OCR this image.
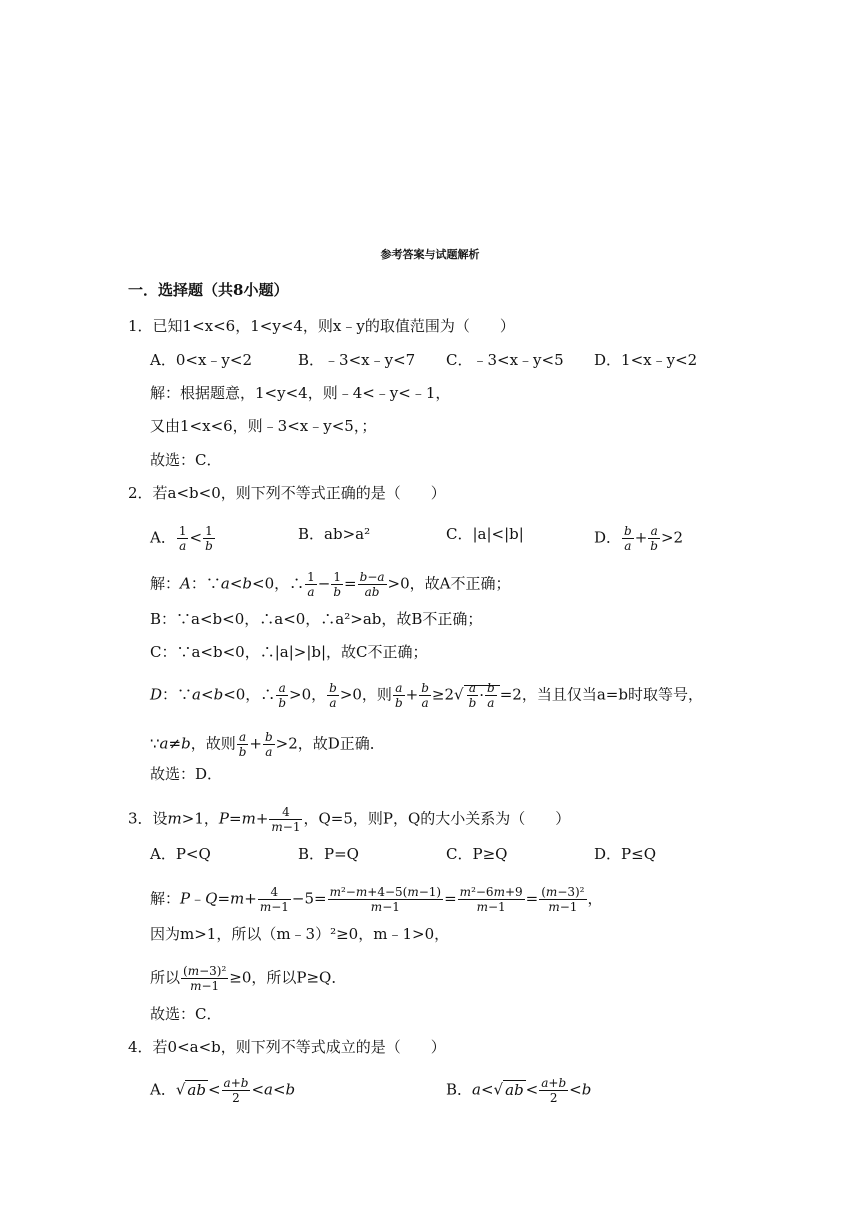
参考答案与试题解析
一．选择题（共8小题）
1．已知1<x<6，1<y<4，则x﹣y的取值范围为（　　）
A．0<x﹣y<2	B．﹣3<x﹣y<7 C．﹣3<x﹣y<5 D．1<x﹣y<2
解：根据题意，1<y<4，则﹣4<﹣y<﹣1，
又由1<x<6，则﹣3<x﹣y<5，；
故选：C．
2．若a<b<0，则下列不等式正确的是（　　）
A． $\frac{1}{a} < \frac{1}{b}$	B．ab>a²	C．|a|<|b|	D． $\frac{b}{a} + \frac{a}{b} >2$
解：A：∵a<b<0，∴ $\frac{1}{a} - \frac{1}{b} = \frac{b-a}{ab} >0$，故A不正确；
B：∵a<b<0，∴a<0，∴a²>ab，故B不正确；
C：∵a<b<0，∴|a|>|b|，故C不正确；
D：∵a<b<0，∴ $\frac{a}{b} >0$， $\frac{b}{a} >0$，则 $\frac{a}{b} + \frac{b}{a} \ge 2√ \frac{a}{b} \cdot \frac{b}{a} =2$，当且仅当a=b时取等号，
∵a≠b，故则 $\frac{a}{b} + \frac{b}{a} >2$，故D正确．
故选：D．
3．设m>1，$P=m+ \frac{4}{m-1}$ ，Q=5，则P，Q的大小关系为（　　）
A．P<Q	B．P=Q	C．P≥Q	D．P≤Q
解：P﹣Q=m+ $\frac{4}{m-1} -5= \frac{\text{m²−m+4−5(m−1)}}{m-1} = \frac{\text{m²−6m+9}}{m-1} = \frac{\text{(m−3)²}}{m-1}$ ，
因为m>1，所以（m﹣3）²≥0，m﹣1>0，
所以 $\frac{\text{(m−3)²}}{m-1} \ge 0$，所以P≥Q．
故选：C．
4．若0<a<b，则下列不等式成立的是（　　）
A．√ ab < $\frac{a+b}{2} <a<b$	B．a<√ ab < $\frac{a+b}{2} <b$
